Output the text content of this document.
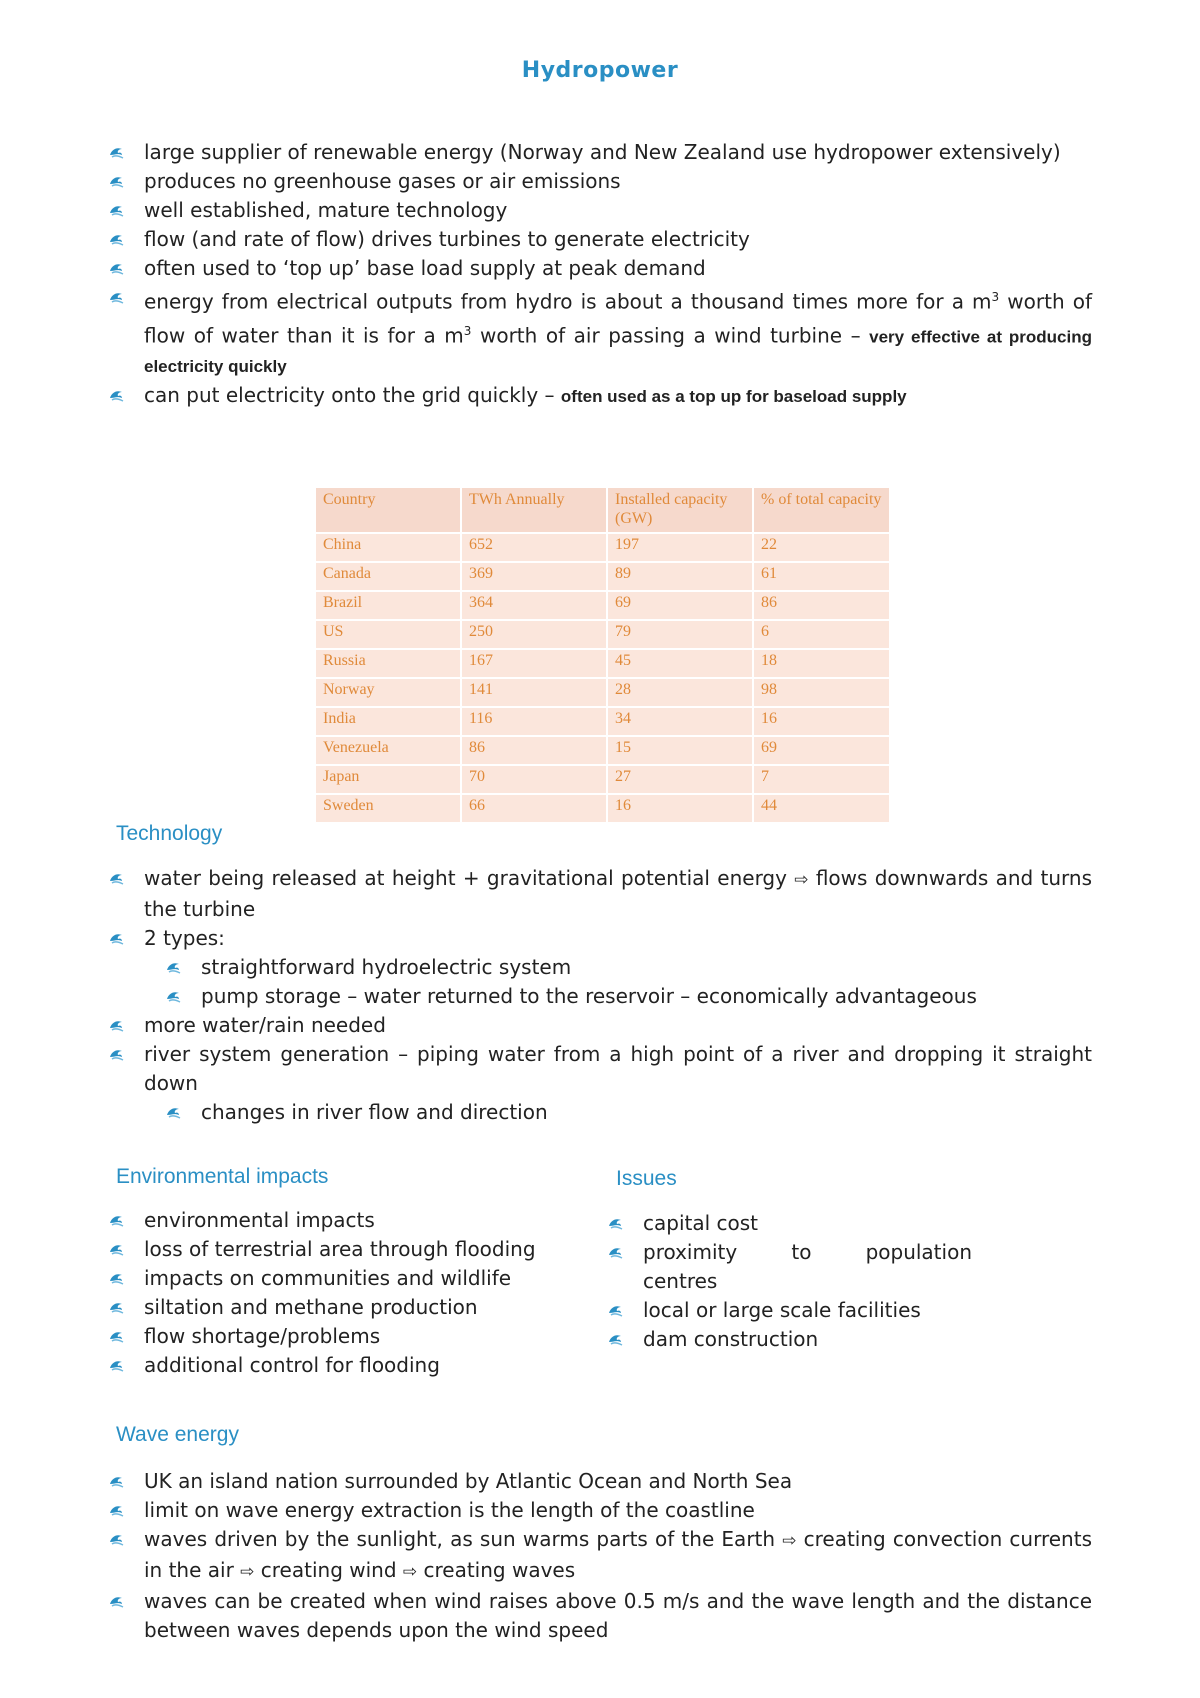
Hydropower
large supplier of renewable energy (Norway and New Zealand use hydropower extensively)
produces no greenhouse gases or air emissions
well established, mature technology
flow (and rate of flow) drives turbines to generate electricity
often used to ‘top up’ base load supply at peak demand
energy from electrical outputs from hydro is about a thousand times more for a $m^3$ worth of flow of water than it is for a $m^3$ worth of air passing a wind turbine – very effective at producing electricity quickly
can put electricity onto the grid quickly – often used as a top up for baseload supply
Country	TWh Annually	Installed capacity (GW)	% of total capacity
China	652	197	22
Canada	369	89	61
Brazil	364	69	86
US	250	79	6
Russia	167	45	18
Norway	141	28	98
India	116	34	16
Venezuela	86	15	69
Japan	70	27	7
Sweden	66	16	44
Technology
water being released at height + gravitational potential energy ⇨ flows downwards and turns the turbine
2 types:
straightforward hydroelectric system
pump storage – water returned to the reservoir – economically advantageous
more water/rain needed
river system generation – piping water from a high point of a river and dropping it straight down
changes in river flow and direction
Environmental impacts
environmental impacts
loss of terrestrial area through flooding
impacts on communities and wildlife
siltation and methane production
flow shortage/problems
additional control for flooding
Issues
capital cost
proximity to population centres
local or large scale facilities
dam construction
Wave energy
UK an island nation surrounded by Atlantic Ocean and North Sea
limit on wave energy extraction is the length of the coastline
waves driven by the sunlight, as sun warms parts of the Earth ⇨ creating convection currents in the air ⇨ creating wind ⇨ creating waves
waves can be created when wind raises above 0.5 m/s and the wave length and the distance between waves depends upon the wind speed
